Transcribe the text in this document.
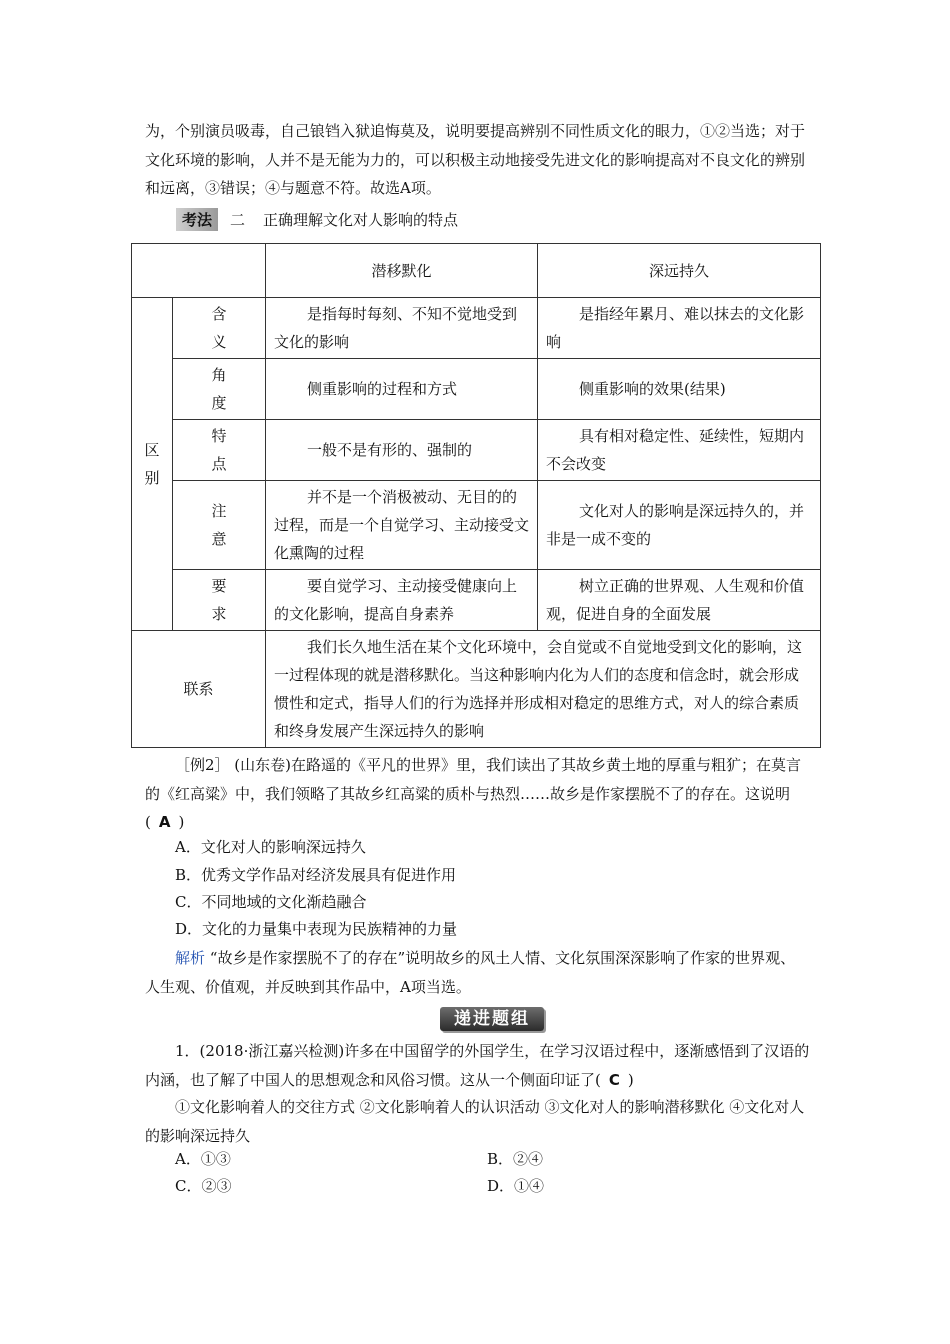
为，个别演员吸毒，自己锒铛入狱追悔莫及，说明要提高辨别不同性质文化的眼力，①②当选；对于文化环境的影响，人并不是无能为力的，可以积极主动地接受先进文化的影响提高对不良文化的辨别和远离，③错误；④与题意不符。故选A项。

考法	二 正确理解文化对人影响的特点
		潜移默化	深远持久

区别	含义	是指每时每刻、不知不觉地受到文化的影响	是指经年累月、难以抹去的文化影响

	角度	侧重影响的过程和方式	侧重影响的效果(结果)

	特点	一般不是有形的、强制的	具有相对稳定性、延续性，短期内不会改变

	注意	并不是一个消极被动、无目的的过程，而是一个自觉学习、主动接受文化熏陶的过程	文化对人的影响是深远持久的，并非是一成不变的

	要求	要自觉学习、主动接受健康向上的文化影响，提高自身素养	树立正确的世界观、人生观和价值观，促进自身的全面发展
联系		我们长久地生活在某个文化环境中，会自觉或不自觉地受到文化的影响，这一过程体现的就是潜移默化。当这种影响内化为人们的态度和信念时，就会形成惯性和定式，指导人们的行为选择并形成相对稳定的思维方式，对人的综合素质和终身发展产生深远持久的影响	

［例2］ (山东卷)在路遥的《平凡的世界》里，我们读出了其故乡黄土地的厚重与粗犷；在莫言的《红高粱》中，我们领略了其故乡红高粱的质朴与热烈……故乡是作家摆脱不了的存在。这说明( A )

A．文化对人的影响深远持久
B．优秀文学作品对经济发展具有促进作用
C．不同地域的文化渐趋融合
D．文化的力量集中表现为民族精神的力量

解析 “故乡是作家摆脱不了的存在”说明故乡的风土人情、文化氛围深深影响了作家的世界观、人生观、价值观，并反映到其作品中，A项当选。

递进题组

1．(2018·浙江嘉兴检测)许多在中国留学的外国学生，在学习汉语过程中，逐渐感悟到了汉语的内涵，也了解了中国人的思想观念和风俗习惯。这从一个侧面印证了( C )

①文化影响着人的交往方式 ②文化影响着人的认识活动 ③文化对人的影响潜移默化 ④文化对人的影响深远持久

A．①③	B．②④
C．②③	D．①④
